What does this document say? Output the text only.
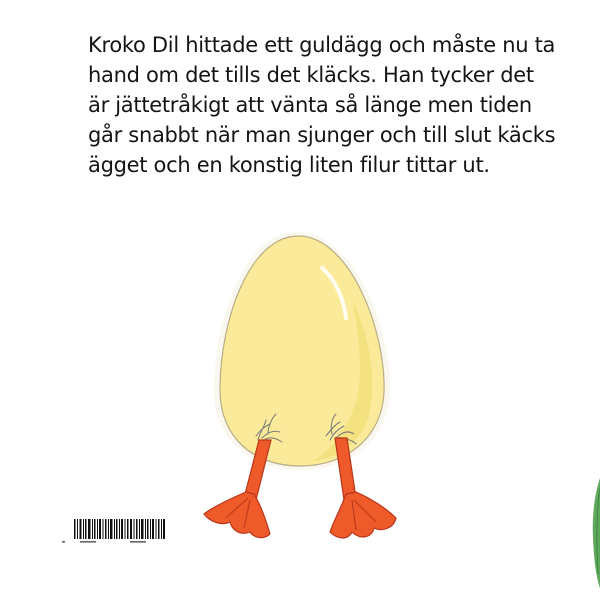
Kroko Dil hittade ett guldägg och måste nu ta hand om det tills det kläcks. Han tycker det är jättetråkigt att vänta så länge men tiden går snabbt när man sjunger och till slut käcks ägget och en konstig liten filur tittar ut.
